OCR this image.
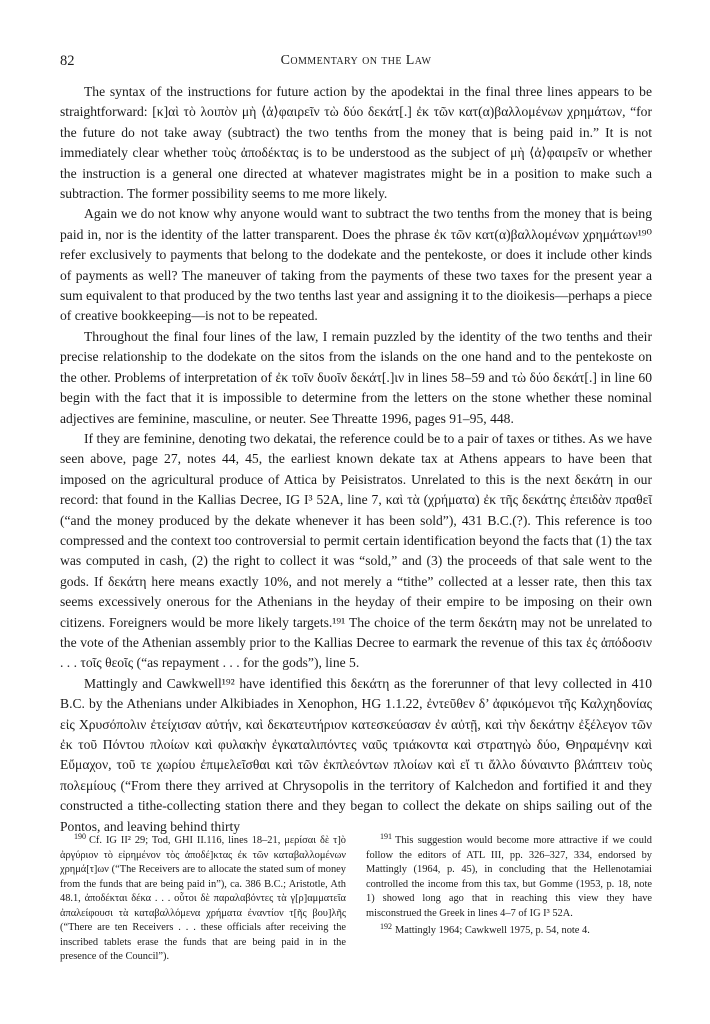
82	Commentary on the Law

The syntax of the instructions for future action by the apodektai in the final three lines appears to be straightforward: [κ]αὶ τὸ λοιπὸν μὴ ⟨ἀ⟩φαιρεῖν τὼ δύο δεκάτ[.] ἐκ τῶν κατ(α)βαλλομένων χρημάτων, “for the future do not take away (subtract) the two tenths from the money that is being paid in.” It is not immediately clear whether τοὺς ἀποδέκτας is to be understood as the subject of μὴ ⟨ἀ⟩φαιρεῖν or whether the instruction is a general one directed at whatever magistrates might be in a position to make such a subtraction. The former possibility seems to me more likely.

Again we do not know why anyone would want to subtract the two tenths from the money that is being paid in, nor is the identity of the latter transparent. Does the phrase ἐκ τῶν κατ(α)βαλλομένων χρημάτων¹⁹⁰ refer exclusively to payments that belong to the dodekate and the pentekoste, or does it include other kinds of payments as well? The maneuver of taking from the payments of these two taxes for the present year a sum equivalent to that produced by the two tenths last year and assigning it to the dioikesis—perhaps a piece of creative bookkeeping—is not to be repeated.

Throughout the final four lines of the law, I remain puzzled by the identity of the two tenths and their precise relationship to the dodekate on the sitos from the islands on the one hand and to the pentekoste on the other. Problems of interpretation of ἐκ τοῖν δυοῖν δεκάτ[.]ιν in lines 58–59 and τὼ δύο δεκάτ[.] in line 60 begin with the fact that it is impossible to determine from the letters on the stone whether these nominal adjectives are feminine, masculine, or neuter. See Threatte 1996, pages 91–95, 448.

If they are feminine, denoting two dekatai, the reference could be to a pair of taxes or tithes. As we have seen above, page 27, notes 44, 45, the earliest known dekate tax at Athens appears to have been that imposed on the agricultural produce of Attica by Peisistratos. Unrelated to this is the next δεκάτη in our record: that found in the Kallias Decree, IG I³ 52A, line 7, καὶ τὰ (χρήματα) ἐκ τῆς δεκάτης ἐπειδὰν πραθεῖ (“and the money produced by the dekate whenever it has been sold”), 431 B.C.(?). This reference is too compressed and the context too controversial to permit certain identification beyond the facts that (1) the tax was computed in cash, (2) the right to collect it was “sold,” and (3) the proceeds of that sale went to the gods. If δεκάτη here means exactly 10%, and not merely a “tithe” collected at a lesser rate, then this tax seems excessively onerous for the Athenians in the heyday of their empire to be imposing on their own citizens. Foreigners would be more likely targets.¹⁹¹ The choice of the term δεκάτη may not be unrelated to the vote of the Athenian assembly prior to the Kallias Decree to earmark the revenue of this tax ἐς ἀπόδοσιν . . . τοῖς θεοῖς (“as repayment . . . for the gods”), line 5.

Mattingly and Cawkwell¹⁹² have identified this δεκάτη as the forerunner of that levy collected in 410 B.C. by the Athenians under Alkibiades in Xenophon, HG 1.1.22, ἐντεῦθεν δ’ ἀφικόμενοι τῆς Καλχηδονίας εἰς Χρυσόπολιν ἐτείχισαν αὐτήν, καὶ δεκατευτήριον κατεσκεύασαν ἐν αὐτῇ, καὶ τὴν δεκάτην ἐξέλεγον τῶν ἐκ τοῦ Πόντου πλοίων καὶ φυλακὴν ἐγκαταλιπόντες ναῦς τριάκοντα καὶ στρατηγὼ δύο, Θηραμένην καὶ Εὔμαχον, τοῦ τε χωρίου ἐπιμελεῖσθαι καὶ τῶν ἐκπλεόντων πλοίων καὶ εἴ τι ἄλλο δύναιντο βλάπτειν τοὺς πολεμίους (“From there they arrived at Chrysopolis in the territory of Kalchedon and fortified it and they constructed a tithe-collecting station there and they began to collect the dekate on ships sailing out of the Pontos, and leaving behind thirty

$^{190}$ Cf. IG II² 29; Tod, GHI II.116, lines 18–21, μερίσαι δὲ τ]ὸ ἀργύριον τὸ εἰρημένον τὸς ἀποδέ]κτας ἐκ τῶν καταβαλλομένων χρημά[τ]ων (“The Receivers are to allocate the stated sum of money from the funds that are being paid in”), ca. 386 B.C.; Aristotle, Ath 48.1, ἀποδέκται δέκα . . . οὗτοι δὲ παραλαβόντες τὰ γ[ρ]αμματεῖα ἀπαλείφουσι τὰ καταβαλλόμενα χρήματα ἐναντίον τ[ῆς βου]λῆς (“There are ten Receivers . . . these officials after receiving the inscribed tablets erase the funds that are being paid in in the presence of the Council”).

$^{191}$ This suggestion would become more attractive if we could follow the editors of ATL III, pp. 326–327, 334, endorsed by Mattingly (1964, p. 45), in concluding that the Hellenotamiai controlled the income from this tax, but Gomme (1953, p. 18, note 1) showed long ago that in reaching this view they have misconstrued the Greek in lines 4–7 of IG I³ 52A.

$^{192}$ Mattingly 1964; Cawkwell 1975, p. 54, note 4.
